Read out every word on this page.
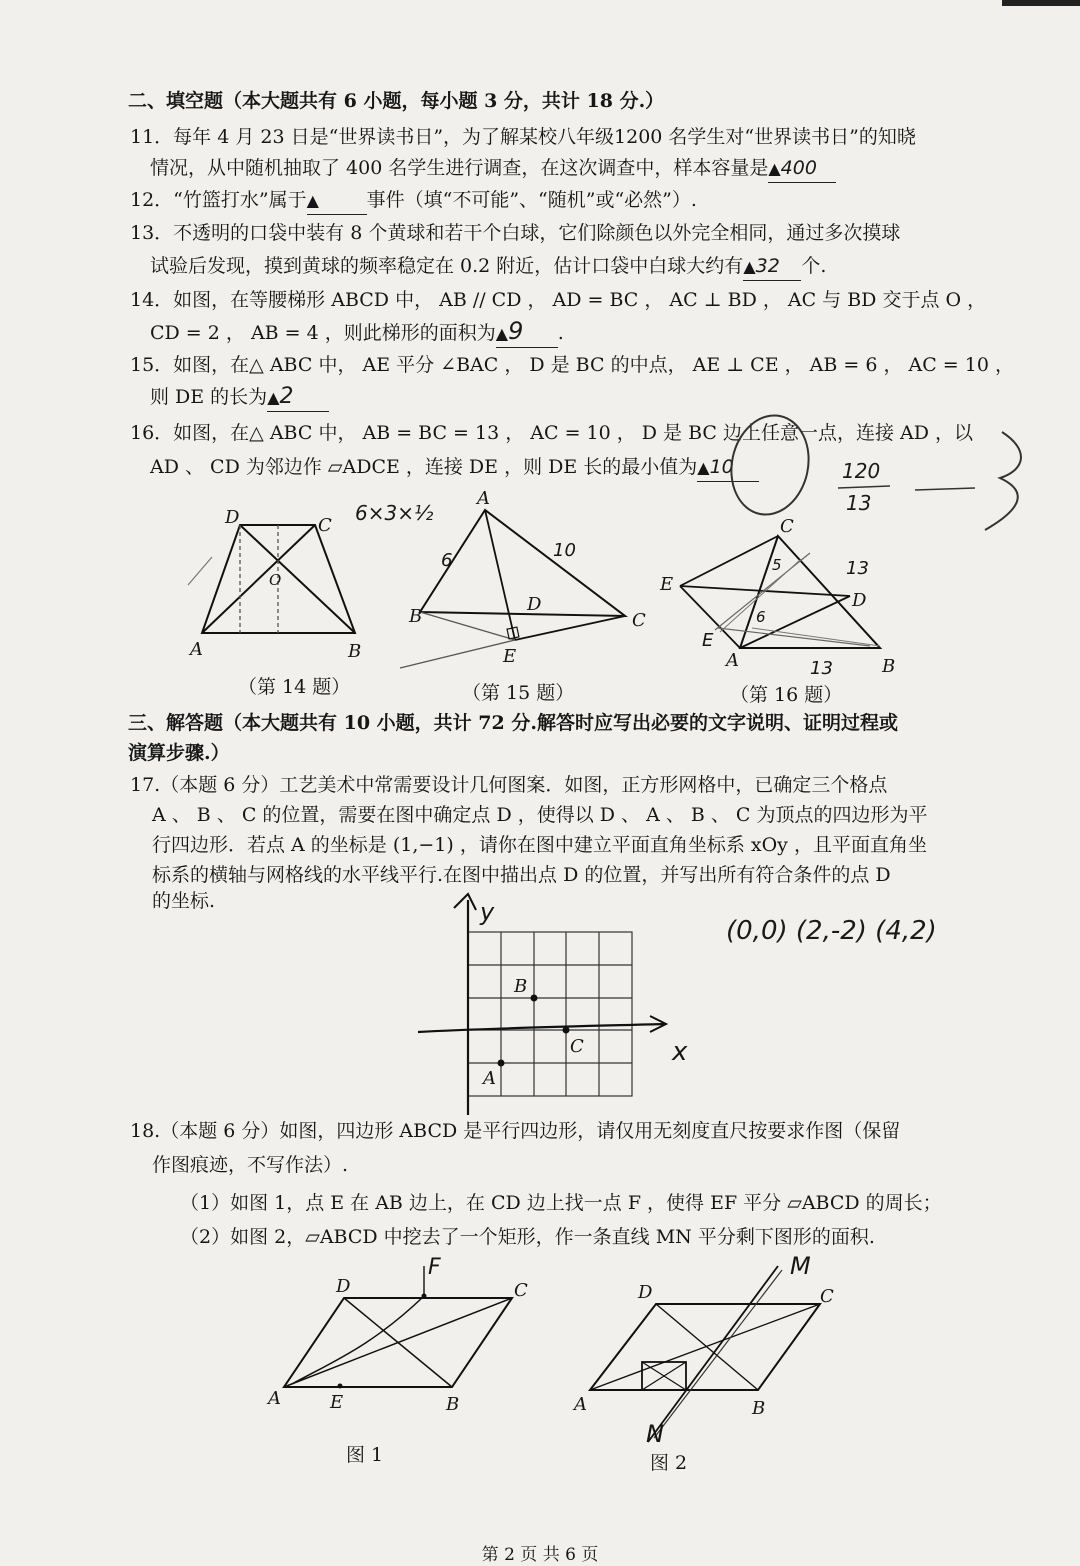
二、填空题（本大题共有 6 小题，每小题 3 分，共计 18 分.）
11．每年 4 月 23 日是“世界读书日”，为了解某校八年级1200 名学生对“世界读书日”的知晓
情况，从中随机抽取了 400 名学生进行调查，在这次调查中，样本容量是▲400
12．“竹篮打水”属于▲	事件（填“不可能”、“随机”或“必然”）.
13．不透明的口袋中装有 8 个黄球和若干个白球，它们除颜色以外完全相同，通过多次摸球
试验后发现，摸到黄球的频率稳定在 0.2 附近，估计口袋中白球大约有▲32 个.
14．如图，在等腰梯形 ABCD 中， AB // CD ， AD = BC ， AC ⊥ BD ， AC 与 BD 交于点 O ，
CD = 2 ， AB = 4 ，则此梯形的面积为▲9 .
15．如图，在△ ABC 中， AE 平分 ∠BAC ， D 是 BC 的中点， AE ⊥ CE ， AB = 6 ， AC = 10 ，
则 DE 的长为▲2
16．如图，在△ ABC 中， AB = BC = 13 ， AC = 10 ， D 是 BC 边上任意一点，连接 AD ，以
AD 、 CD 为邻边作 ▱ADCE ，连接 DE ，则 DE 长的最小值为▲10	120
13
D	C
A	B
O
6×3×½
A
B	C
D
E
6	10
C
D
E
A	B
E
13
13
5
6
（第 14 题）	（第 15 题）	（第 16 题）
三、解答题（本大题共有 10 小题，共计 72 分.解答时应写出必要的文字说明、证明过程或
演算步骤.）
17.（本题 6 分）工艺美术中常需要设计几何图案．如图，正方形网格中，已确定三个格点
A 、 B 、 C 的位置，需要在图中确定点 D ，使得以 D 、 A 、 B 、 C 为顶点的四边形为平
行四边形．若点 A 的坐标是 (1,−1) ，请你在图中建立平面直角坐标系 xOy ，且平面直角坐
标系的横轴与网格线的水平线平行.在图中描出点 D 的位置，并写出所有符合条件的点 D
的坐标.
(0,0) (2,-2) (4,2)
B
C
A
y
x
18.（本题 6 分）如图，四边形 ABCD 是平行四边形，请仅用无刻度直尺按要求作图（保留
作图痕迹，不写作法）.
（1）如图 1，点 E 在 AB 边上，在 CD 边上找一点 F ，使得 EF 平分 ▱ABCD 的周长；
（2）如图 2，▱ABCD 中挖去了一个矩形，作一条直线 MN 平分剩下图形的面积.
D	C
A	E	B
F
图 1
D	C
A	B
M
N
图 2
第 2 页 共 6 页
